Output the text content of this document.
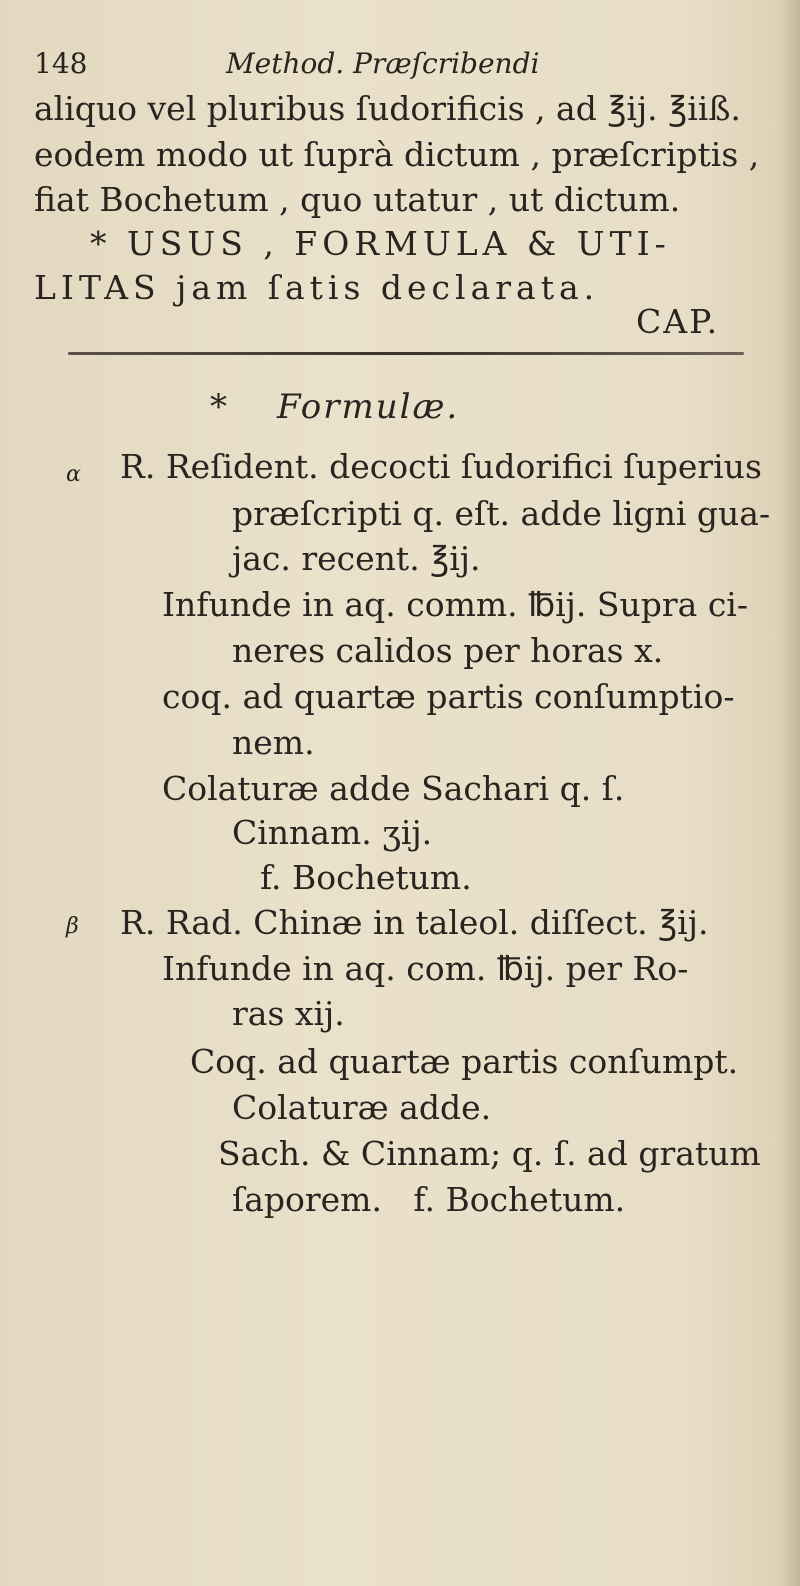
148	Method. Præſcribendi
aliquo vel pluribus ſudorificis , ad ℥ij. ℥iiß.
eodem modo ut ſuprà dictum , præſcriptis ,
fiat Bochetum , quo utatur , ut dictum.
* USUS , FORMULA & UTI-
LITAS jam ſatis declarata.
CAP.
* Formulæ.
α R. Reſident. decocti ſudorifici ſuperius
præſcripti q. eſt. adde ligni gua-
jac. recent. ℥ij.
Infunde in aq. comm. ℔ij. Supra ci-
neres calidos per horas x.
coq. ad quartæ partis conſumptio-
nem.
Colaturæ adde Sachari q. ſ.
Cinnam. ʒij.
f. Bochetum.
β R. Rad. Chinæ in taleol. diſſect. ℥ij.
Infunde in aq. com. ℔ij. per Ro-
ras xij.
Coq. ad quartæ partis conſumpt.
Colaturæ adde.
Sach. & Cinnam; q. ſ. ad gratum
ſaporem.   f. Bochetum.
